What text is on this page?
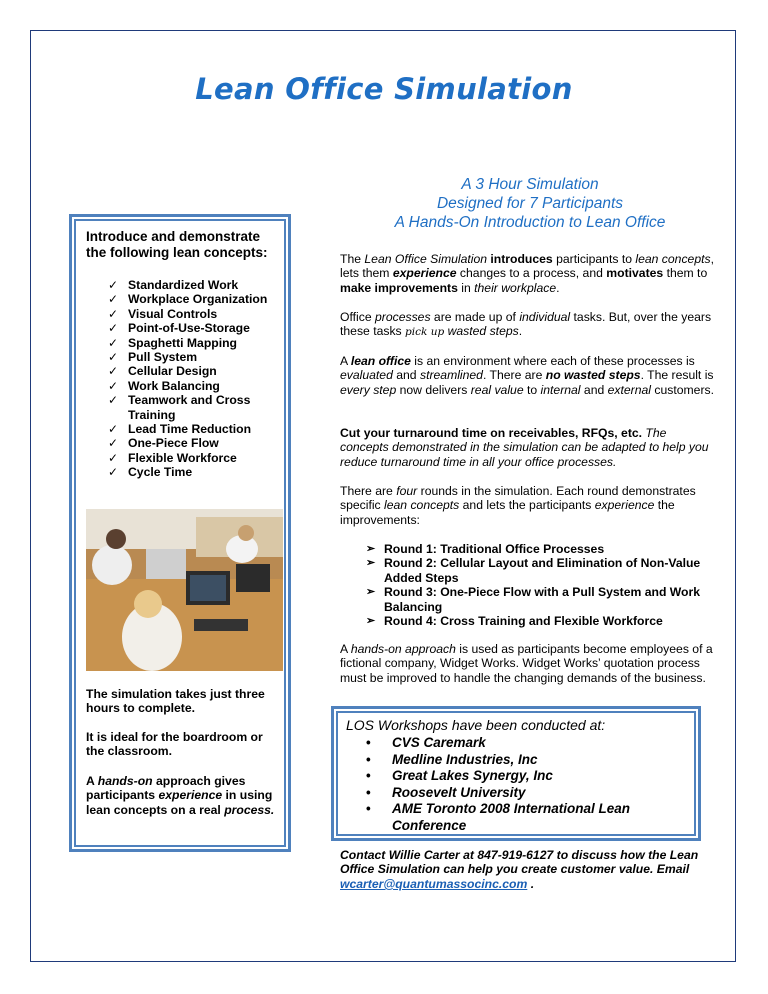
Lean Office Simulation
A 3 Hour Simulation
Designed for 7 Participants
A Hands-On Introduction to Lean Office
Introduce and demonstrate
the following lean concepts:
✓ Standardized Work
✓ Workplace Organization
✓ Visual Controls
✓ Point-of-Use-Storage
✓ Spaghetti Mapping
✓ Pull System
✓ Cellular Design
✓ Work Balancing
✓ Teamwork and Cross Training
✓ Lead Time Reduction
✓ One-Piece Flow
✓ Flexible Workforce
✓ Cycle Time
The simulation takes just three hours to complete.
It is ideal for the boardroom or the classroom.
A hands-on approach gives participants experience in using lean concepts on a real process.
The Lean Office Simulation introduces participants to lean concepts, lets them experience changes to a process, and motivates them to make improvements in their workplace.
Office processes are made up of individual tasks. But, over the years these tasks pick up wasted steps.
A lean office is an environment where each of these processes is evaluated and streamlined. There are no wasted steps. The result is every step now delivers real value to internal and external customers.
Cut your turnaround time on receivables, RFQs, etc. The concepts demonstrated in the simulation can be adapted to help you reduce turnaround time in all your office processes.
There are four rounds in the simulation. Each round demonstrates specific lean concepts and lets the participants experience the improvements:
➢ Round 1: Traditional Office Processes
➢ Round 2: Cellular Layout and Elimination of Non-Value Added Steps
➢ Round 3: One-Piece Flow with a Pull System and Work Balancing
➢ Round 4: Cross Training and Flexible Workforce
A hands-on approach is used as participants become employees of a fictional company, Widget Works. Widget Works’ quotation process must be improved to handle the changing demands of the business.
LOS Workshops have been conducted at:
• CVS Caremark
• Medline Industries, Inc
• Great Lakes Synergy, Inc
• Roosevelt University
• AME Toronto 2008 International Lean Conference
Contact Willie Carter at 847-919-6127 to discuss how the Lean Office Simulation can help you create customer value. Email wcarter@quantumassocinc.com .
